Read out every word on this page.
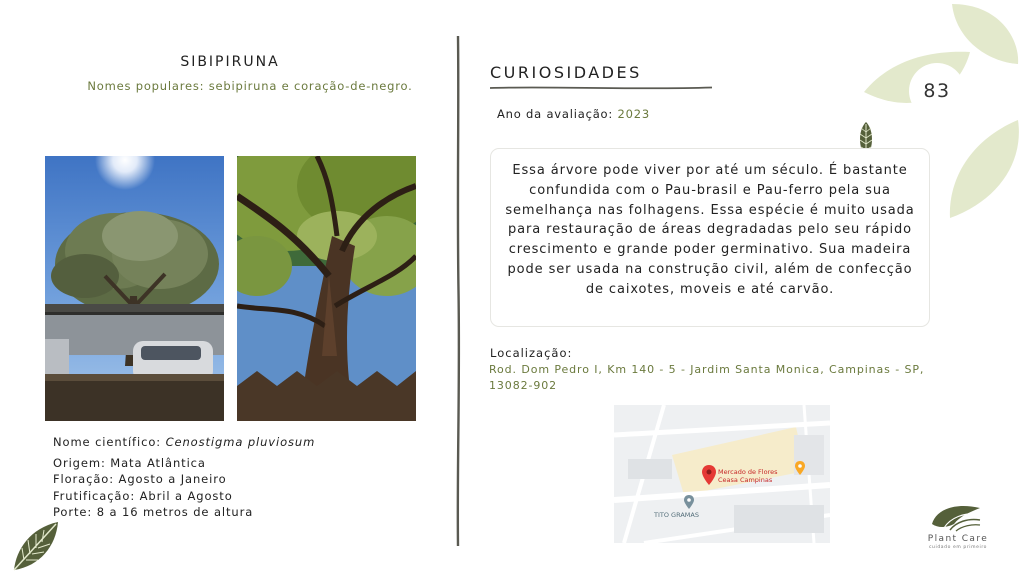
SIBIPIRUNA
Nomes populares: sebipiruna e coração-de-negro.
Nome científico: Cenostigma pluviosum
Origem: Mata Atlântica
Floração: Agosto a Janeiro
Frutificação: Abril a Agosto
Porte: 8 a 16 metros de altura
CURIOSIDADES
Ano da avaliação: 2023
Essa árvore pode viver por até um século. É bastante confundida com o Pau-brasil e Pau-ferro pela sua semelhança nas folhagens. Essa espécie é muito usada para restauração de áreas degradadas pelo seu rápido crescimento e grande poder germinativo. Sua madeira pode ser usada na construção civil, além de confecção de caixotes, moveis e até carvão.
Localização:
Rod. Dom Pedro I, Km 140 - 5 - Jardim Santa Monica, Campinas - SP, 13082-902
Mercado de Flores
Ceasa Campinas
TITO GRAMAS
83
Plant Care
cuidado em primeiro
